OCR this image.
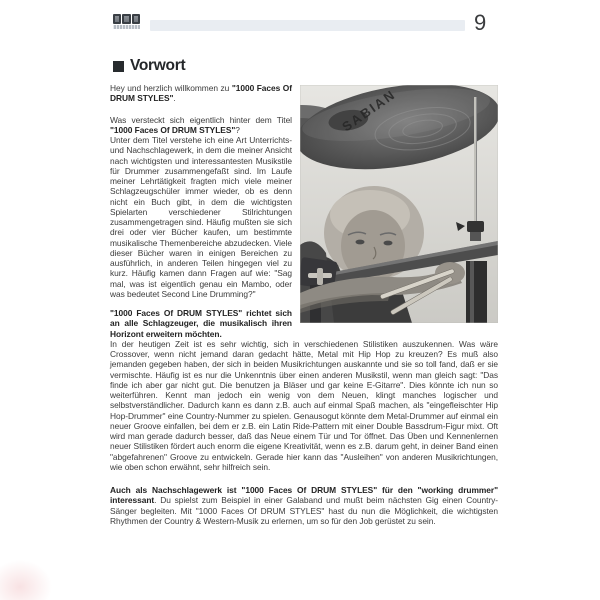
9
Vorwort
SABIAN

Hey und herzlich willkommen zu "1000 Faces Of DRUM STYLES".

Was versteckt sich eigentlich hinter dem Titel "1000 Faces Of DRUM STYLES"?

Unter dem Titel verstehe ich eine Art Unterrichts- und Nachschlagewerk, in dem die meiner Ansicht nach wichtigsten und interessantesten Musikstile für Drummer zusammengefaßt sind. Im Laufe meiner Lehrtätigkeit fragten mich viele meiner Schlagzeugschüler immer wieder, ob es denn nicht ein Buch gibt, in dem die wichtigsten Spielarten verschiedener Stilrichtungen zusammengetragen sind. Häufig mußten sie sich drei oder vier Bücher kaufen, um bestimmte musikalische Themenbereiche abzudecken. Viele dieser Bücher waren in einigen Bereichen zu ausführlich, in anderen Teilen hingegen viel zu kurz. Häufig kamen dann Fragen auf wie: "Sag mal, was ist eigentlich genau ein Mambo, oder was bedeutet Second Line Drumming?"

"1000 Faces Of DRUM STYLES" richtet sich an alle Schlagzeuger, die musikalisch ihren Horizont erweitern möchten.

In der heutigen Zeit ist es sehr wichtig, sich in verschiedenen Stilistiken auszukennen. Was wäre Crossover, wenn nicht jemand daran gedacht hätte, Metal mit Hip Hop zu kreuzen? Es muß also jemanden gegeben haben, der sich in beiden Musikrichtungen auskannte und sie so toll fand, daß er sie vermischte. Häufig ist es nur die Unkenntnis über einen anderen Musikstil, wenn man gleich sagt: "Das finde ich aber gar nicht gut. Die benutzen ja Bläser und gar keine E-Gitarre". Dies könnte ich nun so weiterführen. Kennt man jedoch ein wenig von dem Neuen, klingt manches logischer und selbstverständlicher. Dadurch kann es dann z.B. auch auf einmal Spaß machen, als "eingefleischter Hip Hop-Drummer" eine Country-Nummer zu spielen. Genausogut könnte dem Metal-Drummer auf einmal ein neuer Groove einfallen, bei dem er z.B. ein Latin Ride-Pattern mit einer Double Bassdrum-Figur mixt. Oft wird man gerade dadurch besser, daß das Neue einem Tür und Tor öffnet. Das Üben und Kennenlernen neuer Stilistiken fördert auch enorm die eigene Kreativität, wenn es z.B. darum geht, in deiner Band einen "abgefahrenen" Groove zu entwickeln. Gerade hier kann das "Ausleihen" von anderen Musikrichtungen, wie oben schon erwähnt, sehr hilfreich sein.

Auch als Nachschlagewerk ist "1000 Faces Of DRUM STYLES" für den "working drummer" interessant. Du spielst zum Beispiel in einer Galaband und mußt beim nächsten Gig einen Country-Sänger begleiten. Mit "1000 Faces Of DRUM STYLES" hast du nun die Möglichkeit, die wichtigsten Rhythmen der Country & Western-Musik zu erlernen, um so für den Job gerüstet zu sein.
